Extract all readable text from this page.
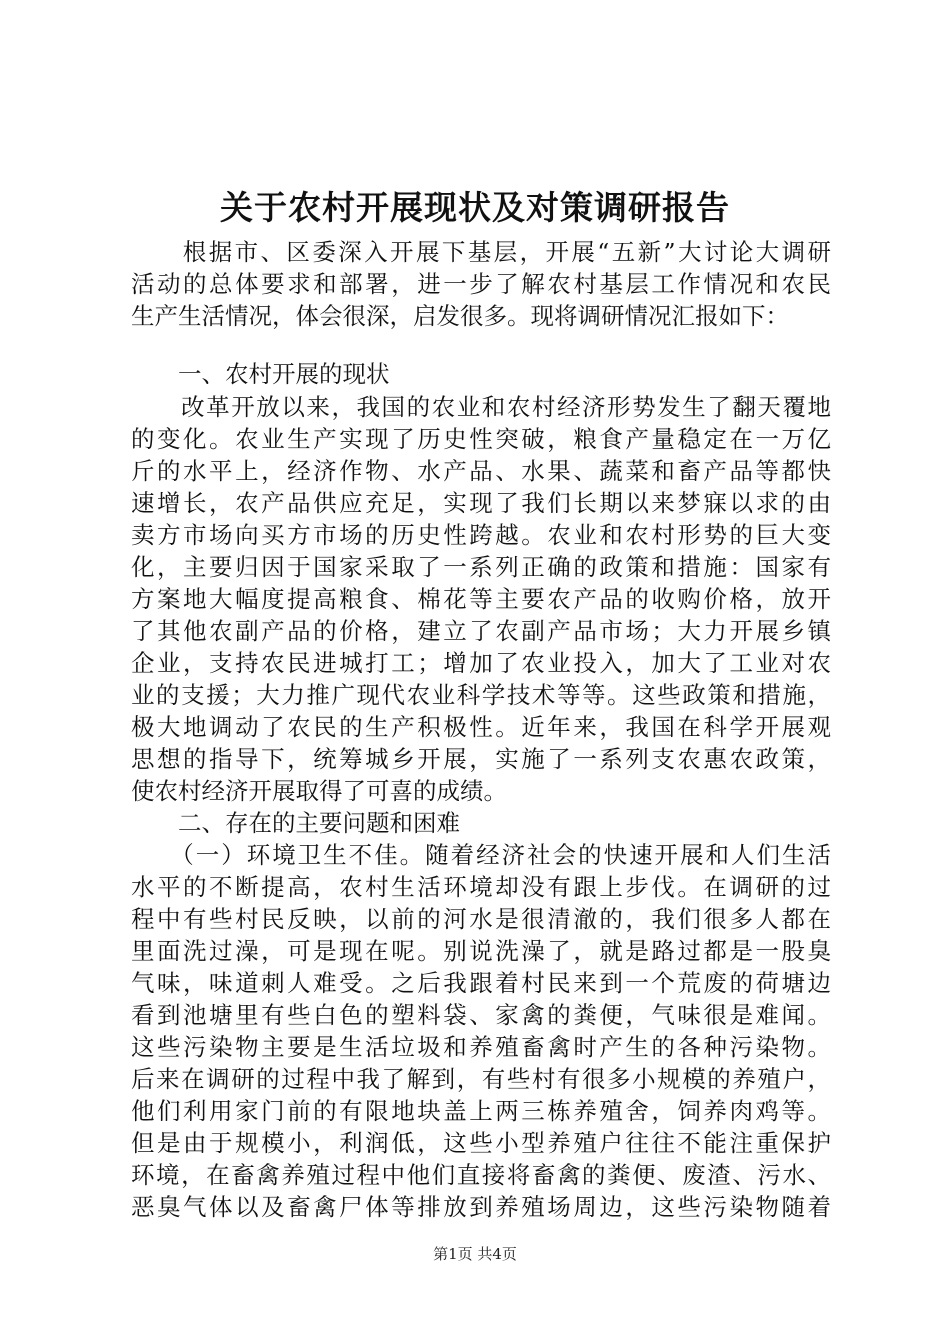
关于农村开展现状及对策调研报告
　　根据市、区委深入开展下基层，开展“五新”大讨论大调研
活动的总体要求和部署，进一步了解农村基层工作情况和农民
生产生活情况，体会很深，启发很多。现将调研情况汇报如下：
　　一、农村开展的现状
　　改革开放以来，我国的农业和农村经济形势发生了翻天覆地
的变化。农业生产实现了历史性突破，粮食产量稳定在一万亿
斤的水平上，经济作物、水产品、水果、蔬菜和畜产品等都快
速增长，农产品供应充足，实现了我们长期以来梦寐以求的由
卖方市场向买方市场的历史性跨越。农业和农村形势的巨大变
化，主要归因于国家采取了一系列正确的政策和措施：国家有
方案地大幅度提高粮食、棉花等主要农产品的收购价格，放开
了其他农副产品的价格，建立了农副产品市场；大力开展乡镇
企业，支持农民进城打工；增加了农业投入，加大了工业对农
业的支援；大力推广现代农业科学技术等等。这些政策和措施，
极大地调动了农民的生产积极性。近年来，我国在科学开展观
思想的指导下，统筹城乡开展，实施了一系列支农惠农政策，
使农村经济开展取得了可喜的成绩。
　　二、存在的主要问题和困难
　　（一）环境卫生不佳。随着经济社会的快速开展和人们生活
水平的不断提高，农村生活环境却没有跟上步伐。在调研的过
程中有些村民反映，以前的河水是很清澈的，我们很多人都在
里面洗过澡，可是现在呢。别说洗澡了，就是路过都是一股臭
气味，味道刺人难受。之后我跟着村民来到一个荒废的荷塘边
看到池塘里有些白色的塑料袋、家禽的粪便，气味很是难闻。
这些污染物主要是生活垃圾和养殖畜禽时产生的各种污染物。
后来在调研的过程中我了解到，有些村有很多小规模的养殖户，
他们利用家门前的有限地块盖上两三栋养殖舍，饲养肉鸡等。
但是由于规模小，利润低，这些小型养殖户往往不能注重保护
环境，在畜禽养殖过程中他们直接将畜禽的粪便、废渣、污水、
恶臭气体以及畜禽尸体等排放到养殖场周边，这些污染物随着
第1页 共4页
